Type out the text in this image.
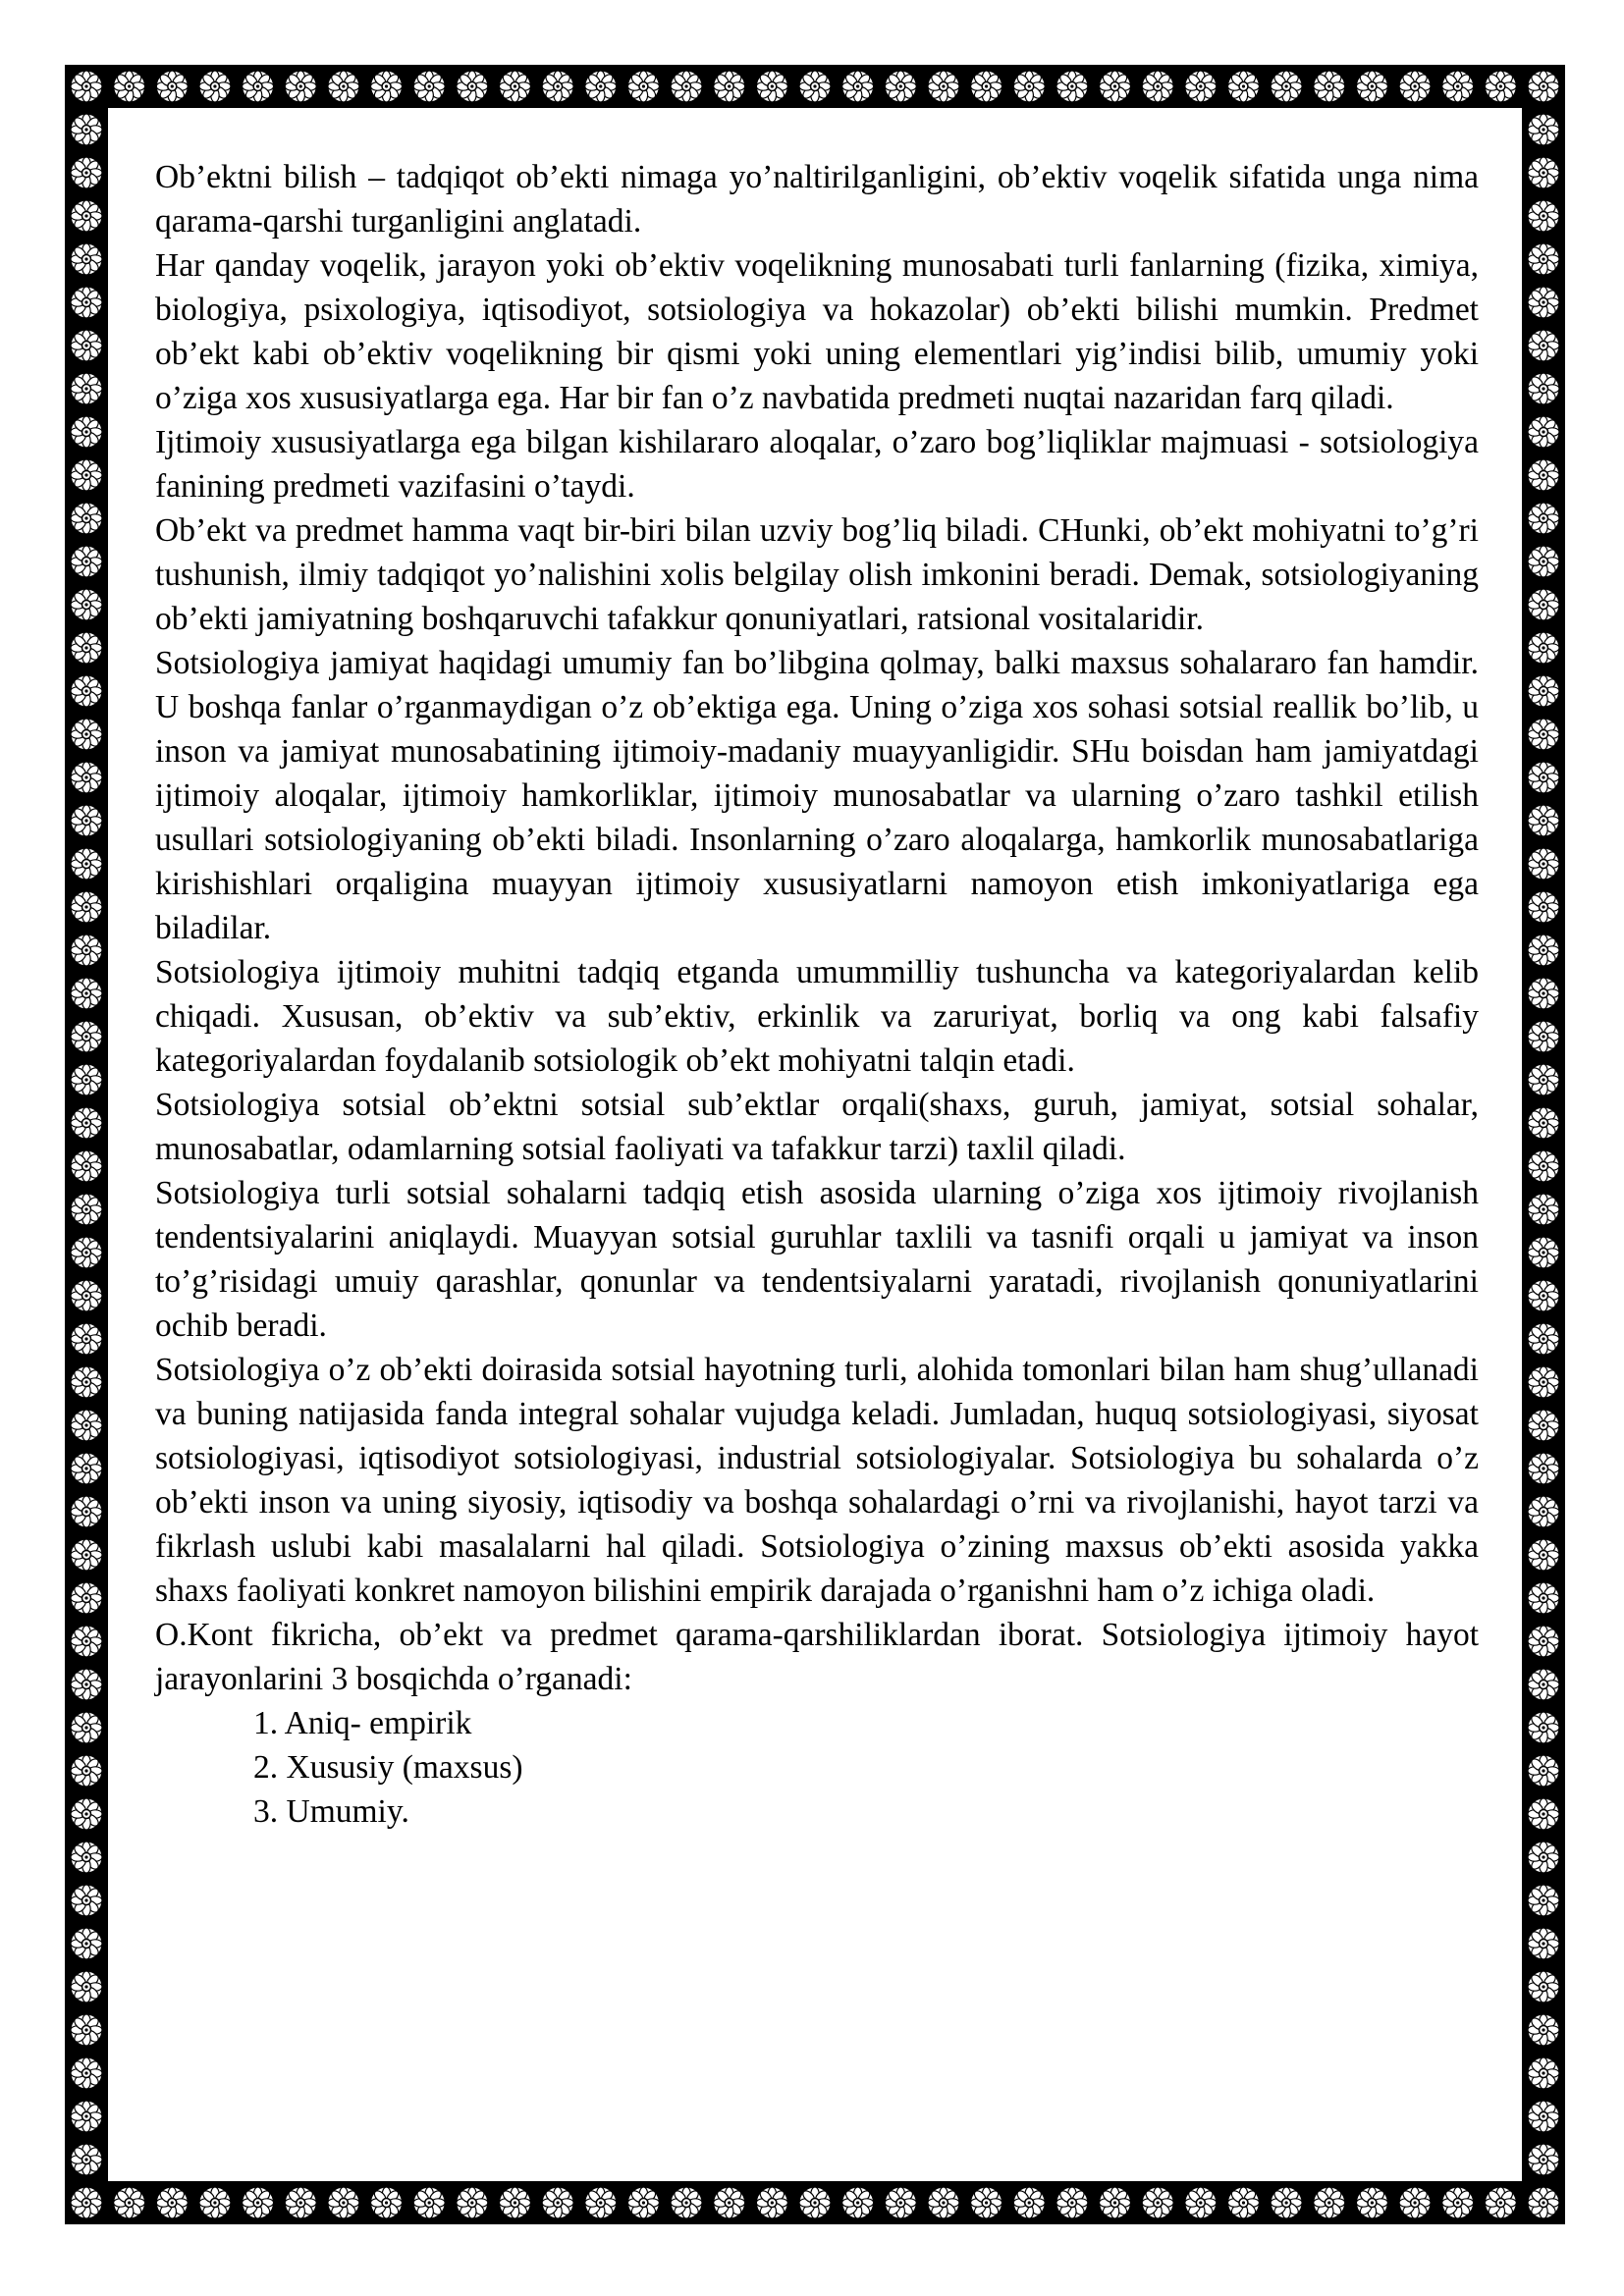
Ob’ektni bilish – tadqiqot ob’ekti nimaga yo’naltirilganligini, ob’ektiv voqelik sifatida unga nima qarama-qarshi turganligini anglatadi.

Har qanday voqelik, jarayon yoki ob’ektiv voqelikning munosabati turli fanlarning (fizika, ximiya, biologiya, psixologiya, iqtisodiyot, sotsiologiya va hokazolar) ob’ekti bilishi mumkin. Predmet ob’ekt kabi ob’ektiv voqelikning bir qismi yoki uning elementlari yig’indisi bilib, umumiy yoki o’ziga xos xususiyatlarga ega. Har bir fan o’z navbatida predmeti nuqtai nazaridan farq qiladi.

Ijtimoiy xususiyatlarga ega bilgan kishilararo aloqalar, o’zaro bog’liqliklar majmuasi - sotsiologiya fanining predmeti vazifasini o’taydi.

Ob’ekt va predmet hamma vaqt bir-biri bilan uzviy bog’liq biladi. CHunki, ob’ekt mohiyatni to’g’ri tushunish, ilmiy tadqiqot yo’nalishini xolis belgilay olish imkonini beradi. Demak, sotsiologiyaning ob’ekti jamiyatning boshqaruvchi tafakkur qonuniyatlari, ratsional vositalaridir.

Sotsiologiya jamiyat haqidagi umumiy fan bo’libgina qolmay, balki maxsus sohalararo fan hamdir. U boshqa fanlar o’rganmaydigan o’z ob’ektiga ega. Uning o’ziga xos sohasi sotsial reallik bo’lib, u inson va jamiyat munosabatining ijtimoiy-madaniy muayyanligidir. SHu boisdan ham jamiyatdagi ijtimoiy aloqalar, ijtimoiy hamkorliklar, ijtimoiy munosabatlar va ularning o’zaro tashkil etilish usullari sotsiologiyaning ob’ekti biladi. Insonlarning o’zaro aloqalarga, hamkorlik munosabatlariga kirishishlari orqaligina muayyan ijtimoiy xususiyatlarni namoyon etish imkoniyatlariga ega biladilar.

Sotsiologiya ijtimoiy muhitni tadqiq etganda umummilliy tushuncha va kategoriyalardan kelib chiqadi. Xususan, ob’ektiv va sub’ektiv, erkinlik va zaruriyat, borliq va ong kabi falsafiy kategoriyalardan foydalanib sotsiologik ob’ekt mohiyatni talqin etadi.

Sotsiologiya sotsial ob’ektni sotsial sub’ektlar orqali(shaxs, guruh, jamiyat, sotsial sohalar, munosabatlar, odamlarning sotsial faoliyati va tafakkur tarzi) taxlil qiladi.

Sotsiologiya turli sotsial sohalarni tadqiq etish asosida ularning o’ziga xos ijtimoiy rivojlanish tendentsiyalarini aniqlaydi. Muayyan sotsial guruhlar taxlili va tasnifi orqali u jamiyat va inson to’g’risidagi umuiy qarashlar, qonunlar va tendentsiyalarni yaratadi, rivojlanish qonuniyatlarini ochib beradi.

Sotsiologiya o’z ob’ekti doirasida sotsial hayotning turli, alohida tomonlari bilan ham shug’ullanadi va buning natijasida fanda integral sohalar vujudga keladi. Jumladan, huquq sotsiologiyasi, siyosat sotsiologiyasi, iqtisodiyot sotsiologiyasi, industrial sotsiologiyalar. Sotsiologiya bu sohalarda o’z ob’ekti inson va uning siyosiy, iqtisodiy va boshqa sohalardagi o’rni va rivojlanishi, hayot tarzi va fikrlash uslubi kabi masalalarni hal qiladi. Sotsiologiya o’zining maxsus ob’ekti asosida yakka shaxs faoliyati konkret namoyon bilishini empirik darajada o’rganishni ham o’z ichiga oladi.

O.Kont fikricha, ob’ekt va predmet qarama-qarshiliklardan iborat. Sotsiologiya ijtimoiy hayot jarayonlarini 3 bosqichda o’rganadi:

1. Aniq- empirik
2. Xususiy (maxsus)
3. Umumiy.
